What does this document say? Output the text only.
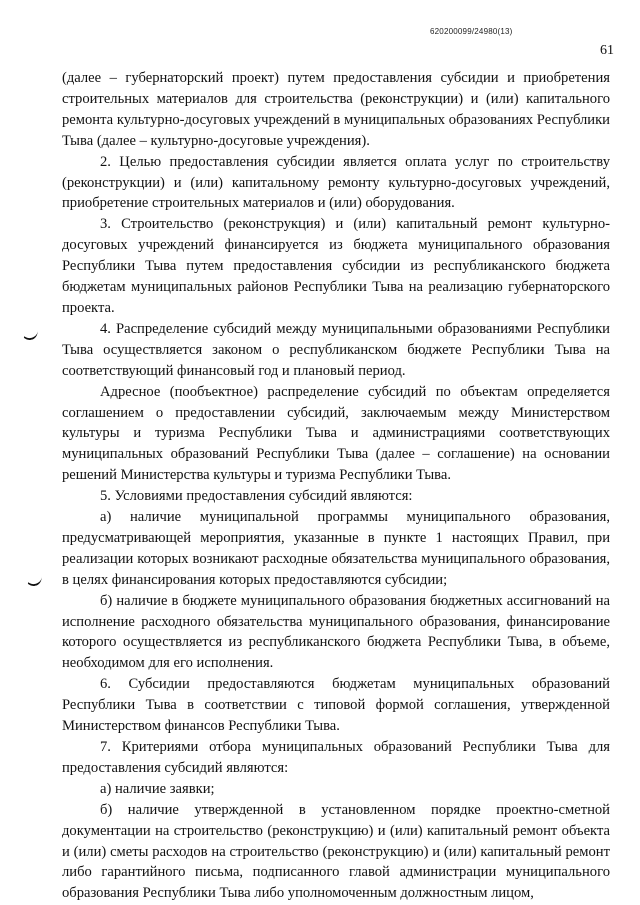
620200099/24980(13)
61

(далее – губернаторский проект) путем предоставления субсидии и приобретения строительных материалов для строительства (реконструкции) и (или) капитального ремонта культурно-досуговых учреждений в муниципальных образованиях Республики Тыва (далее – культурно-досуговые учреждения).

2. Целью предоставления субсидии является оплата услуг по строительству (реконструкции) и (или) капитальному ремонту культурно-досуговых учреждений, приобретение строительных материалов и (или) оборудования.

3. Строительство (реконструкция) и (или) капитальный ремонт культурно-досуговых учреждений финансируется из бюджета муниципального образования Республики Тыва путем предоставления субсидии из республиканского бюджета бюджетам муниципальных районов Республики Тыва на реализацию губернаторского проекта.

4. Распределение субсидий между муниципальными образованиями Республики Тыва осуществляется законом о республиканском бюджете Республики Тыва на соответствующий финансовый год и плановый период.

Адресное (пообъектное) распределение субсидий по объектам определяется соглашением о предоставлении субсидий, заключаемым между Министерством культуры и туризма Республики Тыва и администрациями соответствующих муниципальных образований Республики Тыва (далее – соглашение) на основании решений Министерства культуры и туризма Республики Тыва.

5. Условиями предоставления субсидий являются:

а) наличие муниципальной программы муниципального образования, предусматривающей мероприятия, указанные в пункте 1 настоящих Правил, при реализации которых возникают расходные обязательства муниципального образования, в целях финансирования которых предоставляются субсидии;

б) наличие в бюджете муниципального образования бюджетных ассигнований на исполнение расходного обязательства муниципального образования, финансирование которого осуществляется из республиканского бюджета Республики Тыва, в объеме, необходимом для его исполнения.

6. Субсидии предоставляются бюджетам муниципальных образований Республики Тыва в соответствии с типовой формой соглашения, утвержденной Министерством финансов Республики Тыва.

7. Критериями отбора муниципальных образований Республики Тыва для предоставления субсидий являются:

а) наличие заявки;

б) наличие утвержденной в установленном порядке проектно-сметной документации на строительство (реконструкцию) и (или) капитальный ремонт объекта и (или) сметы расходов на строительство (реконструкцию) и (или) капитальный ремонт либо гарантийного письма, подписанного главой администрации муниципального образования Республики Тыва либо уполномоченным должностным лицом,
